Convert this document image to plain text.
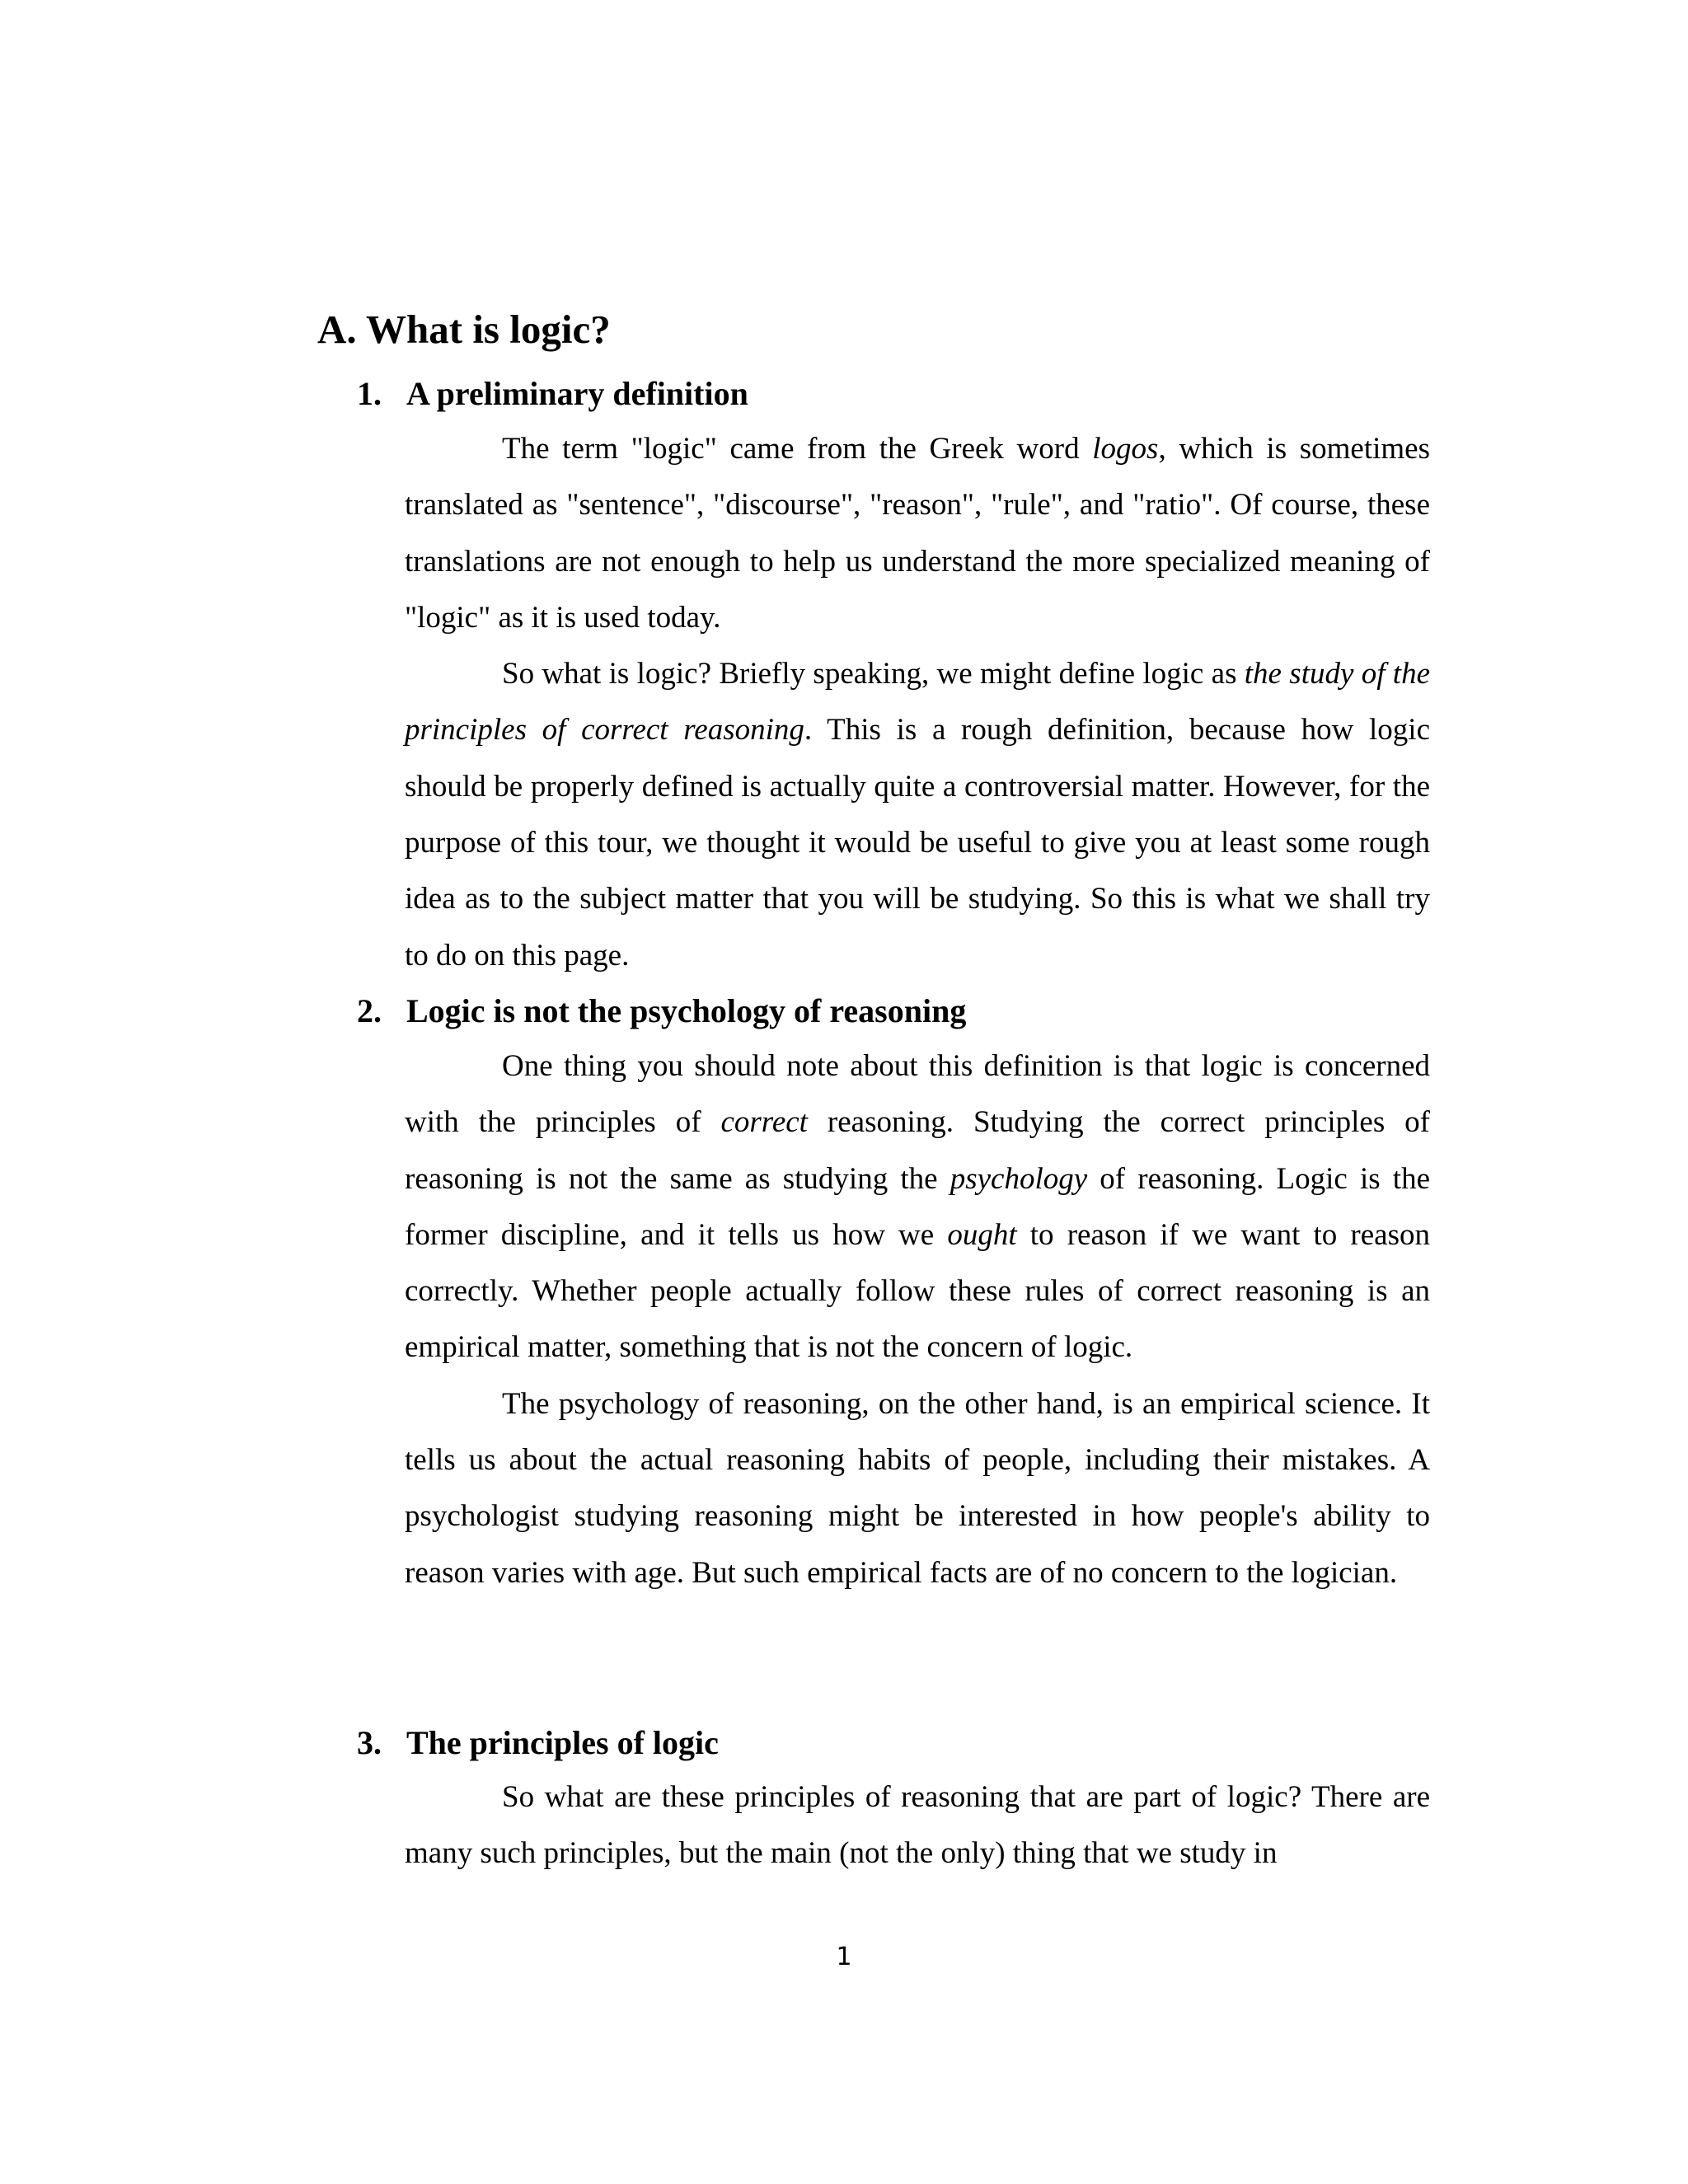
A. What is logic?
1. A preliminary definition

The term "logic" came from the Greek word logos, which is sometimes translated as "sentence", "discourse", "reason", "rule", and "ratio". Of course, these translations are not enough to help us understand the more specialized meaning of "logic" as it is used today.

So what is logic? Briefly speaking, we might define logic as the study of the principles of correct reasoning. This is a rough definition, because how logic should be properly defined is actually quite a controversial matter. However, for the purpose of this tour, we thought it would be useful to give you at least some rough idea as to the subject matter that you will be studying. So this is what we shall try to do on this page.

2. Logic is not the psychology of reasoning

One thing you should note about this definition is that logic is concerned with the principles of correct reasoning. Studying the correct principles of reasoning is not the same as studying the psychology of reasoning. Logic is the former discipline, and it tells us how we ought to reason if we want to reason correctly. Whether people actually follow these rules of correct reasoning is an empirical matter, something that is not the concern of logic.

The psychology of reasoning, on the other hand, is an empirical science. It tells us about the actual reasoning habits of people, including their mistakes. A psychologist studying reasoning might be interested in how people's ability to reason varies with age. But such empirical facts are of no concern to the logician.

3. The principles of logic

So what are these principles of reasoning that are part of logic? There are many such principles, but the main (not the only) thing that we study in

1
